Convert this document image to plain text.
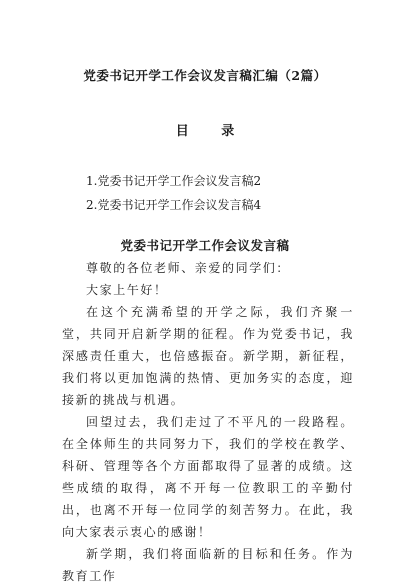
党委书记开学工作会议发言稿汇编（2篇）
目 录
1.党委书记开学工作会议发言稿2
2.党委书记开学工作会议发言稿4
党委书记开学工作会议发言稿

尊敬的各位老师、亲爱的同学们：

大家上午好！

在这个充满希望的开学之际，我们齐聚一堂，共同开启新学期的征程。作为党委书记，我深感责任重大，也倍感振奋。新学期，新征程，我们将以更加饱满的热情、更加务实的态度，迎接新的挑战与机遇。

回望过去，我们走过了不平凡的一段路程。在全体师生的共同努力下，我们的学校在教学、科研、管理等各个方面都取得了显著的成绩。这些成绩的取得，离不开每一位教职工的辛勤付出，也离不开每一位同学的刻苦努力。在此，我向大家表示衷心的感谢！

新学期，我们将面临新的目标和任务。作为教育工作
